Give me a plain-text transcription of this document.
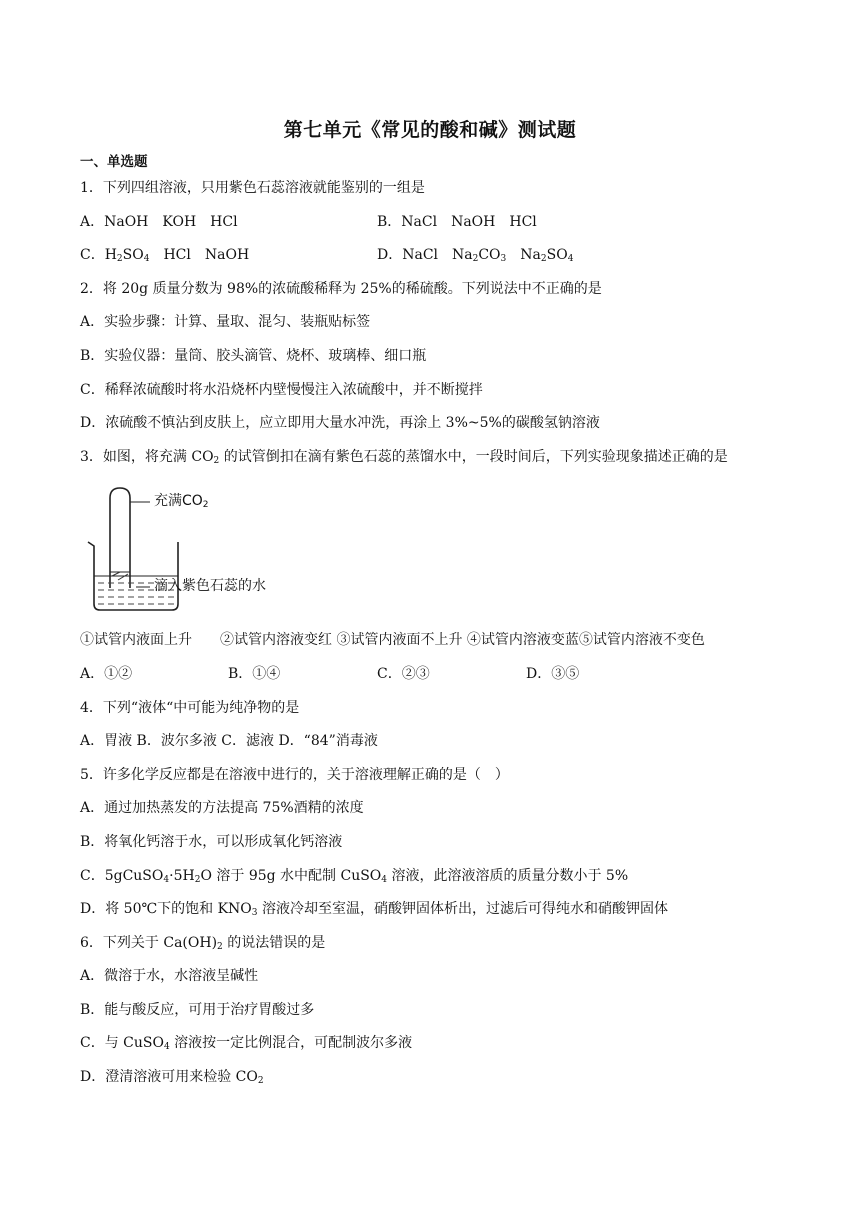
第七单元《常见的酸和碱》测试题
一、单选题
1．下列四组溶液，只用紫色石蕊溶液就能鉴别的一组是
A．NaOH　KOH　HCl	B．NaCl　NaOH　HCl
C．$H_2SO_4$　HCl　NaOH	D．NaCl　$Na_2CO_3$　$Na_2SO_4$
2．将 20g 质量分数为 98%的浓硫酸稀释为 25%的稀硫酸。下列说法中不正确的是
A．实验步骤：计算、量取、混匀、装瓶贴标签
B．实验仪器：量筒、胶头滴管、烧杯、玻璃棒、细口瓶
C．稀释浓硫酸时将水沿烧杯内壁慢慢注入浓硫酸中，并不断搅拌
D．浓硫酸不慎沾到皮肤上，应立即用大量水冲洗，再涂上 3%~5%的碳酸氢钠溶液
3．如图，将充满 $CO_2$ 的试管倒扣在滴有紫色石蕊的蒸馏水中，一段时间后，下列实验现象描述正确的是
充满$CO_2$
滴入紫色石蕊的水
①试管内液面上升　　②试管内溶液变红 ③试管内液面不上升 ④试管内溶液变蓝⑤试管内溶液不变色
A．①②	B．①④	C．②③	D．③⑤
4．下列“液体“中可能为纯净物的是
A．胃液 B．波尔多液 C．滤液 D．“84”消毒液
5．许多化学反应都是在溶液中进行的，关于溶液理解正确的是（　）
A．通过加热蒸发的方法提高 75%酒精的浓度
B．将氧化钙溶于水，可以形成氧化钙溶液
C．$5gCuSO_4\cdot 5H_2O$ 溶于 95g 水中配制 CuSO$_4$ 溶液，此溶液溶质的质量分数小于 5%
D．将 50℃下的饱和 $KNO_3$ 溶液冷却至室温，硝酸钾固体析出，过滤后可得纯水和硝酸钾固体
6．下列关于 $Ca(OH)_2$ 的说法错误的是
A．微溶于水，水溶液呈碱性
B．能与酸反应，可用于治疗胃酸过多
C．与 CuSO$_4$ 溶液按一定比例混合，可配制波尔多液
D．澄清溶液可用来检验 $CO_2$
